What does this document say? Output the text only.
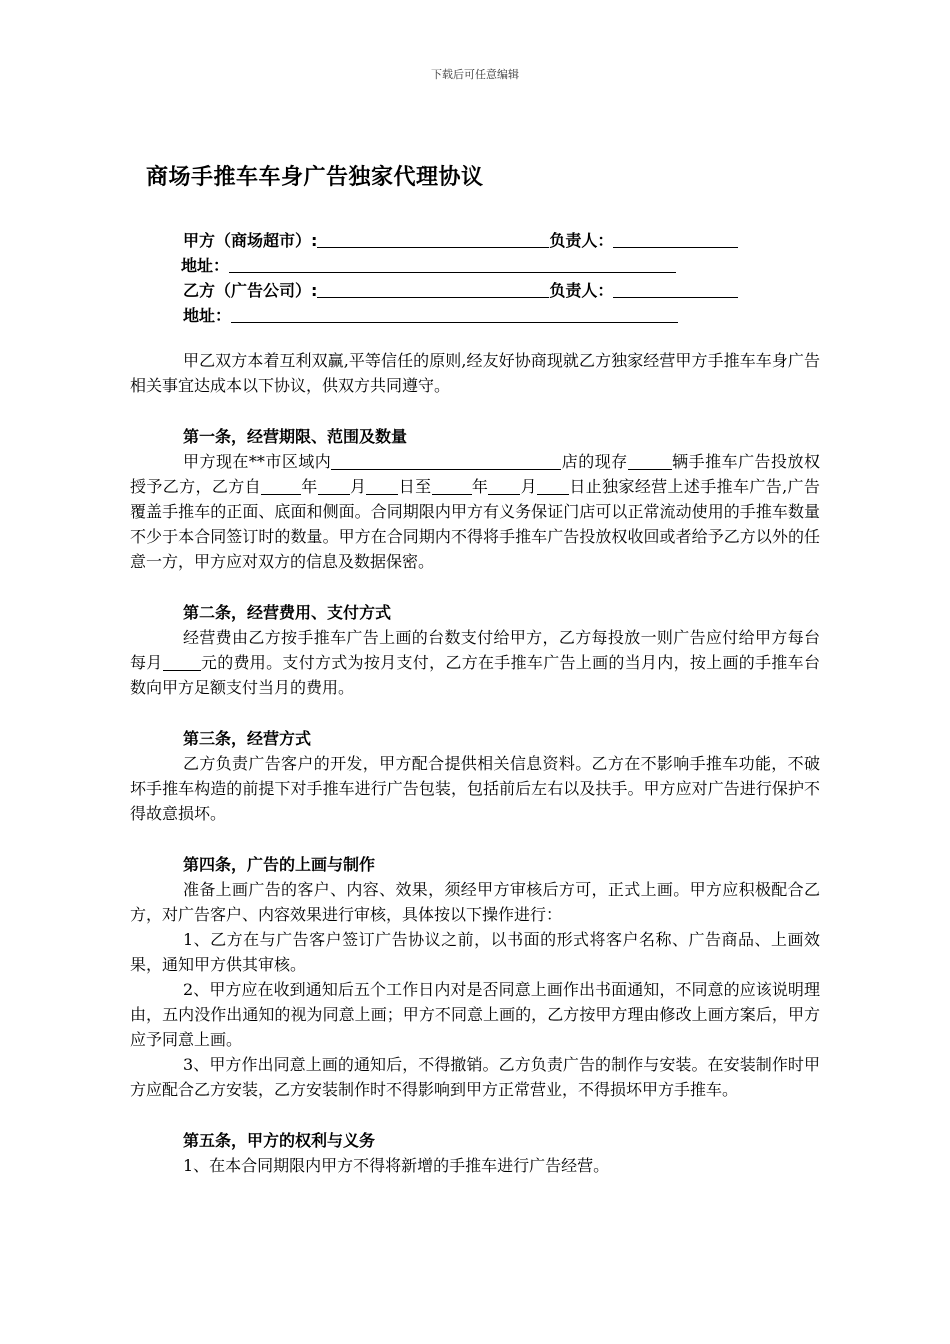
下载后可任意编辑
商场手推车车身广告独家代理协议
甲方（商场超市）:	负责人：
地址：
乙方（广告公司）:	负责人：
地址：

甲乙双方本着互利双赢,平等信任的原则,经友好协商现就乙方独家经营甲方手推车车身广告相关事宜达成本以下协议，供双方共同遵守。

第一条，经营期限、范围及数量

甲方现在**市区域内	店的现存	辆手推车广告投放权授予乙方，乙方自	年 月 日至	年 月 日止独家经营上述手推车广告,广告覆盖手推车的正面、底面和侧面。合同期限内甲方有义务保证门店可以正常流动使用的手推车数量不少于本合同签订时的数量。甲方在合同期内不得将手推车广告投放权收回或者给予乙方以外的任意一方，甲方应对双方的信息及数据保密。

第二条，经营费用、支付方式

经营费由乙方按手推车广告上画的台数支付给甲方，乙方每投放一则广告应付给甲方每台每月 元的费用。支付方式为按月支付，乙方在手推车广告上画的当月内，按上画的手推车台数向甲方足额支付当月的费用。

第三条，经营方式

乙方负责广告客户的开发，甲方配合提供相关信息资料。乙方在不影响手推车功能，不破坏手推车构造的前提下对手推车进行广告包装，包括前后左右以及扶手。甲方应对广告进行保护不得故意损坏。

第四条，广告的上画与制作

准备上画广告的客户、内容、效果，须经甲方审核后方可，正式上画。甲方应积极配合乙方，对广告客户、内容效果进行审核，具体按以下操作进行：

1、乙方在与广告客户签订广告协议之前，以书面的形式将客户名称、广告商品、上画效果，通知甲方供其审核。

2、甲方应在收到通知后五个工作日内对是否同意上画作出书面通知，不同意的应该说明理由，五内没作出通知的视为同意上画；甲方不同意上画的，乙方按甲方理由修改上画方案后，甲方应予同意上画。

3、甲方作出同意上画的通知后，不得撤销。乙方负责广告的制作与安装。在安装制作时甲方应配合乙方安装，乙方安装制作时不得影响到甲方正常营业，不得损坏甲方手推车。

第五条，甲方的权利与义务

1、在本合同期限内甲方不得将新增的手推车进行广告经营。
